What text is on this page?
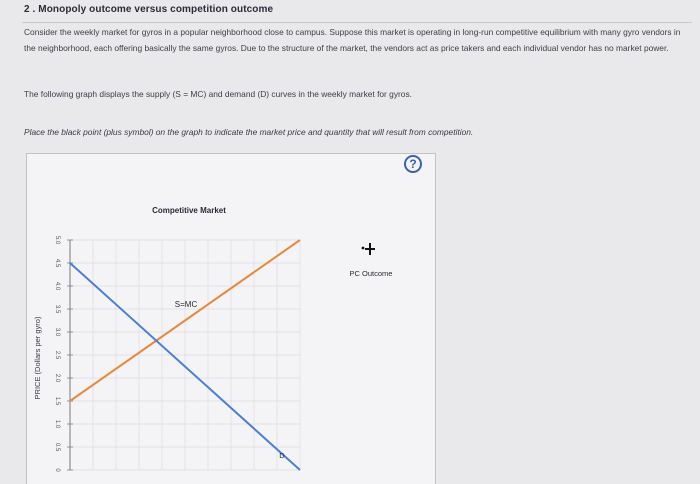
2 . Monopoly outcome versus competition outcome
Consider the weekly market for gyros in a popular neighborhood close to campus. Suppose this market is operating in long-run competitive equilibrium with many gyro vendors in the neighborhood, each offering basically the same gyros. Due to the structure of the market, the vendors act as price takers and each individual vendor has no market power.
The following graph displays the supply (S = MC) and demand (D) curves in the weekly market for gyros.
Place the black point (plus symbol) on the graph to indicate the market price and quantity that will result from competition.
?
Competitive Market
PRICE (Dollars per gyro)
5.0
4.5
4.0
3.5
3.0
2.5
2.0
1.5
1.0
0.5
0
S=MC
D
PC Outcome
